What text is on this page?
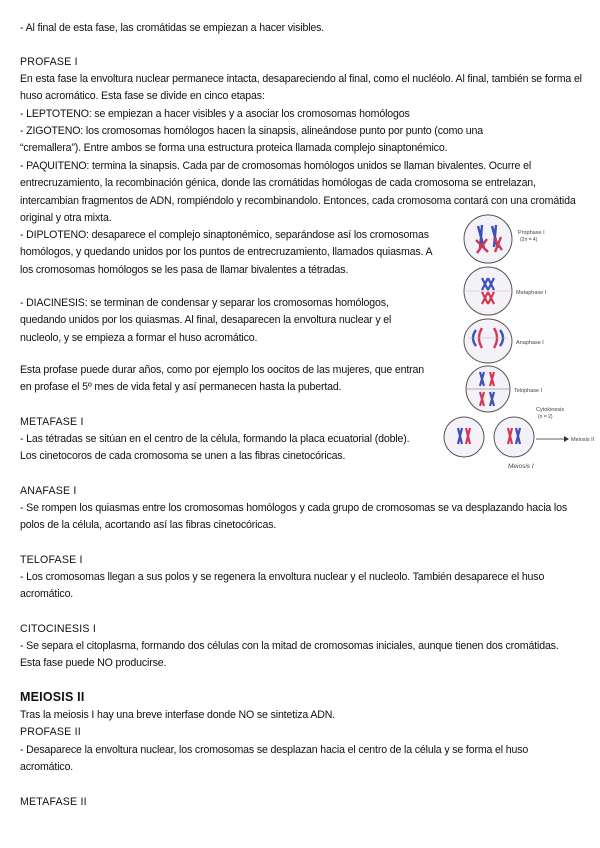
- Al final de esta fase, las cromátidas se empiezan a hacer visibles.

PROFASE I

En esta fase la envoltura nuclear permanece intacta, desapareciendo al final, como el nucléolo. Al final, también se forma el huso acromático. Esta fase se divide en cinco etapas:

- LEPTOTENO: se empiezan a hacer visibles y a asociar los cromosomas homólogos

- ZIGOTENO: los cromosomas homólogos hacen la sinapsis, alineándose punto por punto (como una “cremallera”). Entre ambos se forma una estructura proteica llamada complejo sinaptonémico.

- PAQUITENO: termina la sinapsis. Cada par de cromosomas homólogos unidos se llaman bivalentes. Ocurre el entrecruzamiento, la recombinación génica, donde las cromátidas homólogas de cada cromosoma se entrelazan, intercambian fragmentos de ADN, rompiéndolo y recombinandolo. Entonces, cada cromosoma contará con una cromátida original y otra mixta.

- DIPLOTENO: desaparece el complejo sinaptonémico, separándose así los cromosomas homólogos, y quedando unidos por los puntos de entrecruzamiento, llamados quiasmas. A los cromosomas homólogos se les pasa de llamar bivalentes a tétradas.

- DIACINESIS: se terminan de condensar y separar los cromosomas homólogos, quedando unidos por los quiasmas. Al final, desaparecen la envoltura nuclear y el nucleolo, y se empieza a formar el huso acromático.

Esta profase puede durar años, como por ejemplo los oocitos de las mujeres, que entran en profase el 5º mes de vida fetal y así permanecen hasta la pubertad.

METAFASE I

- Las tétradas se sitúan en el centro de la célula, formando la placa ecuatorial (doble). Los cinetocoros de cada cromosoma se unen a las fibras cinetocóricas.

ANAFASE I

- Se rompen los quiasmas entre los cromosomas homólogos y cada grupo de cromosomas se va desplazando hacia los polos de la célula, acortando así las fibras cinetocóricas.

TELOFASE I

- Los cromosomas llegan a sus polos y se regenera la envoltura nuclear y el nucleolo. También desaparece el huso acromático.

CITOCINESIS I

- Se separa el citoplasma, formando dos células con la mitad de cromosomas iniciales, aunque tienen dos cromátidas. Esta fase puede NO producirse.

MEIOSIS II

Tras la meiosis I hay una breve interfase donde NO se sintetiza ADN.

PROFASE II

- Desaparece la envoltura nuclear, los cromosomas se desplazan hacia el centro de la célula y se forma el huso acromático.

METAFASE II
Prophase I
(2n = 4)
Metaphase I
Anaphase I
Telophase I
Cytokinesis
(n = 2)
Meiosis II
Meiosis I
